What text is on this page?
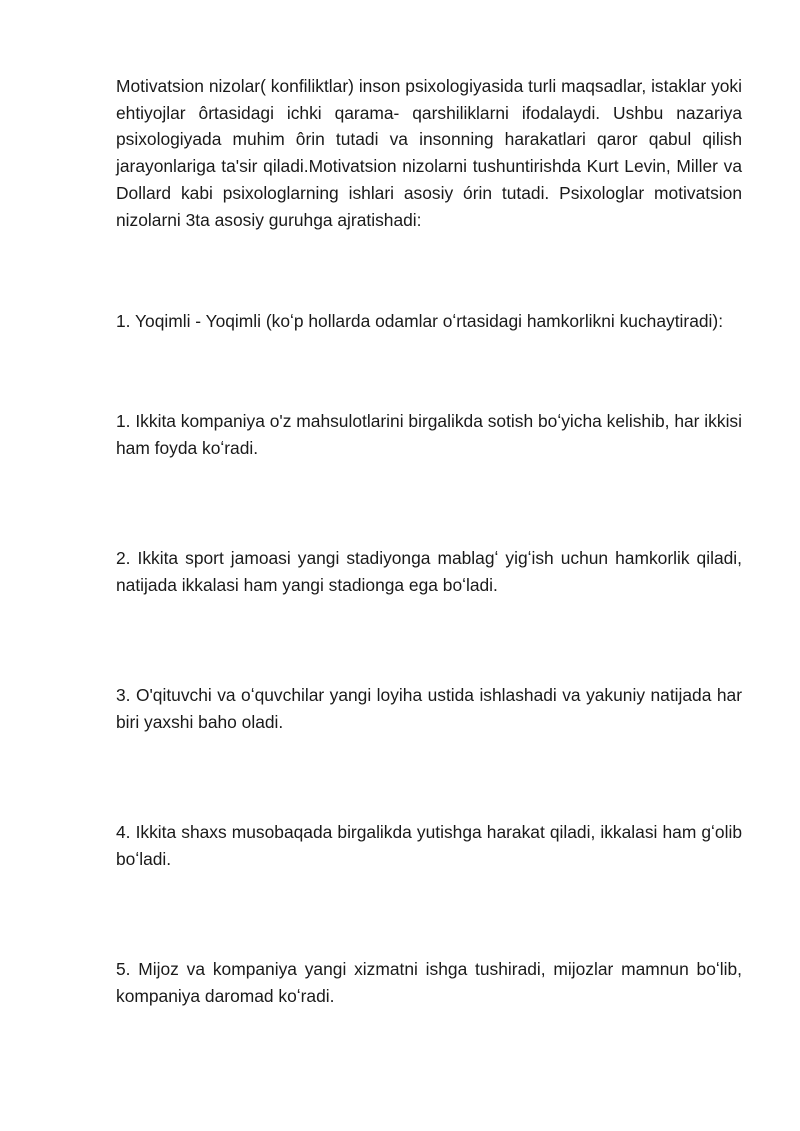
Motivatsion nizolar( konfiliktlar) inson psixologiyasida turli maqsadlar, istaklar yoki ehtiyojlar ôrtasidagi ichki qarama- qarshiliklarni ifodalaydi. Ushbu nazariya psixologiyada muhim ôrin tutadi va insonning harakatlari qaror qabul qilish jarayonlariga ta'sir qiladi.Motivatsion nizolarni tushuntirishda Kurt Levin, Miller va Dollard kabi psixologlarning ishlari asosiy órin tutadi. Psixologlar motivatsion nizolarni 3ta asosiy guruhga ajratishadi:

1. Yoqimli - Yoqimli (koʻp hollarda odamlar oʻrtasidagi hamkorlikni kuchaytiradi):

1. Ikkita kompaniya o'z mahsulotlarini birgalikda sotish boʻyicha kelishib, har ikkisi ham foyda koʻradi.

2. Ikkita sport jamoasi yangi stadiyonga mablagʻ yigʻish uchun hamkorlik qiladi, natijada ikkalasi ham yangi stadionga ega boʻladi.

3. O'qituvchi va oʻquvchilar yangi loyiha ustida ishlashadi va yakuniy natijada har biri yaxshi baho oladi.

4. Ikkita shaxs musobaqada birgalikda yutishga harakat qiladi, ikkalasi ham gʻolib boʻladi.

5. Mijoz va kompaniya yangi xizmatni ishga tushiradi, mijozlar mamnun boʻlib, kompaniya daromad koʻradi.
